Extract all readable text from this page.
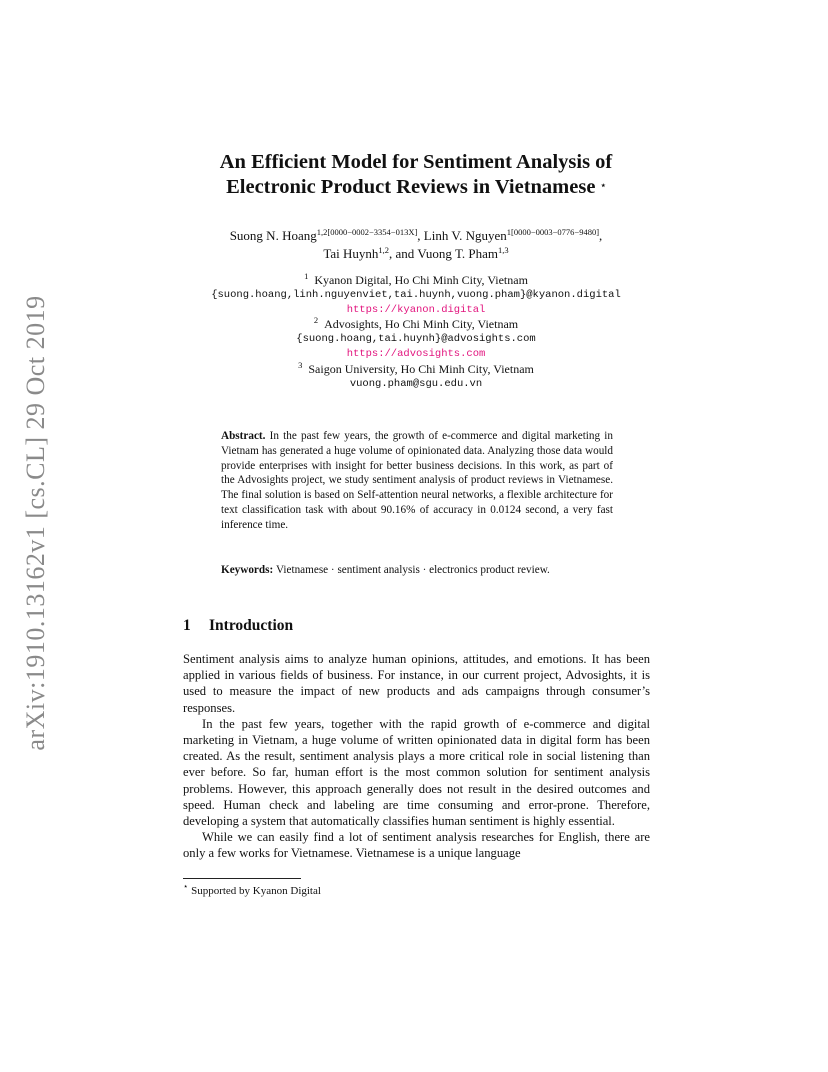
arXiv:1910.13162v1 [cs.CL] 29 Oct 2019
An Efficient Model for Sentiment Analysis of
Electronic Product Reviews in Vietnamese ⋆
Suong N. Hoang$^{1,2[0000-0002-3354-013X]}$, Linh V. Nguyen$^{1[0000-0003-0776-9480]}$,
Tai Huynh$^{1,2}$, and Vuong T. Pham$^{1,3}$
$^1$ Kyanon Digital, Ho Chi Minh City, Vietnam
{suong.hoang,linh.nguyenviet,tai.huynh,vuong.pham}@kyanon.digital
https://kyanon.digital
$^2$ Advosights, Ho Chi Minh City, Vietnam
{suong.hoang,tai.huynh}@advosights.com
https://advosights.com
$^3$ Saigon University, Ho Chi Minh City, Vietnam
vuong.pham@sgu.edu.vn
Abstract. In the past few years, the growth of e-commerce and digital marketing in Vietnam has generated a huge volume of opinionated data. Analyzing those data would provide enterprises with insight for better business decisions. In this work, as part of the Advosights project, we study sentiment analysis of product reviews in Vietnamese. The final solution is based on Self-attention neural networks, a flexible architecture for text classification task with about 90.16% of accuracy in 0.0124 second, a very fast inference time.
Keywords: Vietnamese · sentiment analysis · electronics product review.
1 Introduction

Sentiment analysis aims to analyze human opinions, attitudes, and emotions. It has been applied in various fields of business. For instance, in our current project, Advosights, it is used to measure the impact of new products and ads campaigns through consumer’s responses.

In the past few years, together with the rapid growth of e-commerce and digital marketing in Vietnam, a huge volume of written opinionated data in digital form has been created. As the result, sentiment analysis plays a more critical role in social listening than ever before. So far, human effort is the most common solution for sentiment analysis problems. However, this approach generally does not result in the desired outcomes and speed. Human check and labeling are time consuming and error-prone. Therefore, developing a system that automatically classifies human sentiment is highly essential.

While we can easily find a lot of sentiment analysis researches for English, there are only a few works for Vietnamese. Vietnamese is a unique language

⋆ Supported by Kyanon Digital
